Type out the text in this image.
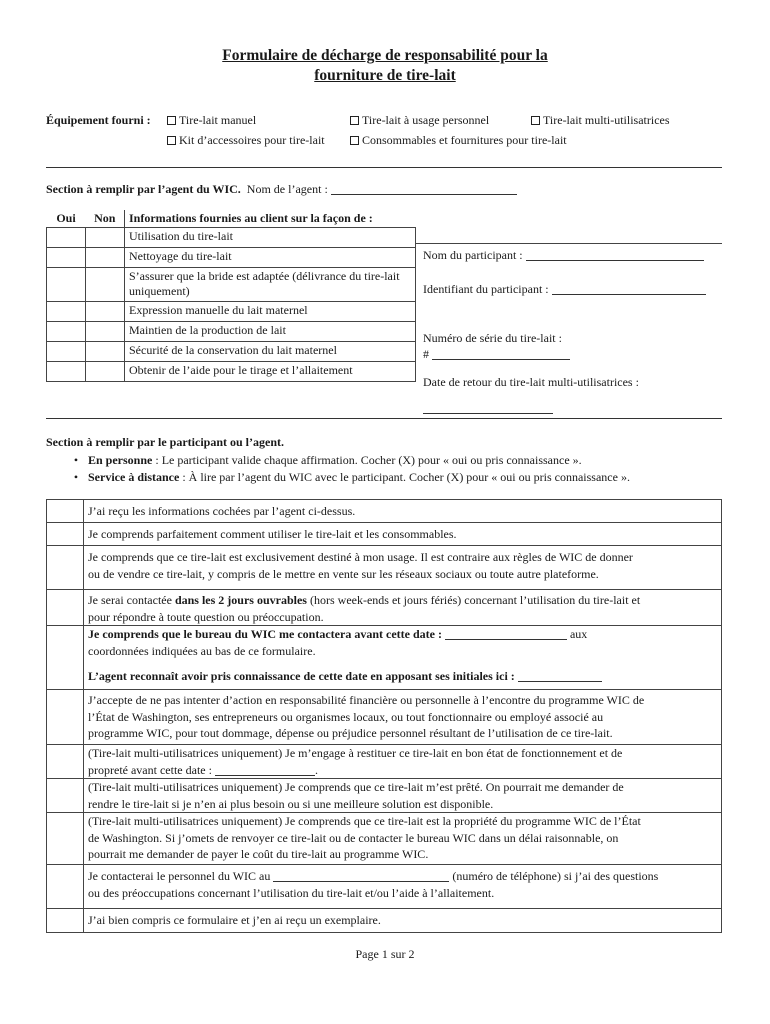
Formulaire de décharge de responsabilité pour la
fourniture de tire-lait
Équipement fourni :	Tire-lait manuel	Tire-lait à usage personnel	Tire-lait multi-utilisatrices
Kit d’accessoires pour tire-lait	Consommables et fournitures pour tire-lait
Section à remplir par l’agent du WIC. Nom de l’agent :
Oui	Non	Informations fournies au client sur la façon de :
		Utilisation du tire-lait
		Nettoyage du tire-lait
		S’assurer que la bride est adaptée (délivrance du tire-lait uniquement)
		Expression manuelle du lait maternel
		Maintien de la production de lait
		Sécurité de la conservation du lait maternel
		Obtenir de l’aide pour le tirage et l’allaitement
Nom du participant :
Identifiant du participant :
Numéro de série du tire-lait :
#
Date de retour du tire-lait multi-utilisatrices :
Section à remplir par le participant ou l’agent.
• En personne : Le participant valide chaque affirmation. Cocher (X) pour « oui ou pris connaissance ».
• Service à distance : À lire par l’agent du WIC avec le participant. Cocher (X) pour « oui ou pris connaissance ».
	J’ai reçu les informations cochées par l’agent ci-dessus.
	Je comprends parfaitement comment utiliser le tire-lait et les consommables.

	Je comprends que ce tire-lait est exclusivement destiné à mon usage. Il est contraire aux règles de WIC de donner
ou de vendre ce tire-lait, y compris de le mettre en vente sur les réseaux sociaux ou toute autre plateforme.

	Je serai contactée dans les 2 jours ouvrables (hors week-ends et jours fériés) concernant l’utilisation du tire-lait et
pour répondre à toute question ou préoccupation.

	Je comprends que le bureau du WIC me contactera avant cette date : aux
coordonnées indiquées au bas de ce formulaire.
L’agent reconnaît avoir pris connaissance de cette date en apposant ses initiales ici :

	J’accepte de ne pas intenter d’action en responsabilité financière ou personnelle à l’encontre du programme WIC de
l’État de Washington, ses entrepreneurs ou organismes locaux, ou tout fonctionnaire ou employé associé au
programme WIC, pour tout dommage, dépense ou préjudice personnel résultant de l’utilisation de ce tire-lait.

	(Tire-lait multi-utilisatrices uniquement) Je m’engage à restituer ce tire-lait en bon état de fonctionnement et de
propreté avant cette date : .

	(Tire-lait multi-utilisatrices uniquement) Je comprends que ce tire-lait m’est prêté. On pourrait me demander de
rendre le tire-lait si je n’en ai plus besoin ou si une meilleure solution est disponible.

	(Tire-lait multi-utilisatrices uniquement) Je comprends que ce tire-lait est la propriété du programme WIC de l’État
de Washington. Si j’omets de renvoyer ce tire-lait ou de contacter le bureau WIC dans un délai raisonnable, on
pourrait me demander de payer le coût du tire-lait au programme WIC.

	Je contacterai le personnel du WIC au (numéro de téléphone) si j’ai des questions
ou des préoccupations concernant l’utilisation du tire-lait et/ou l’aide à l’allaitement.

	J’ai bien compris ce formulaire et j’en ai reçu un exemplaire.
Page 1 sur 2
